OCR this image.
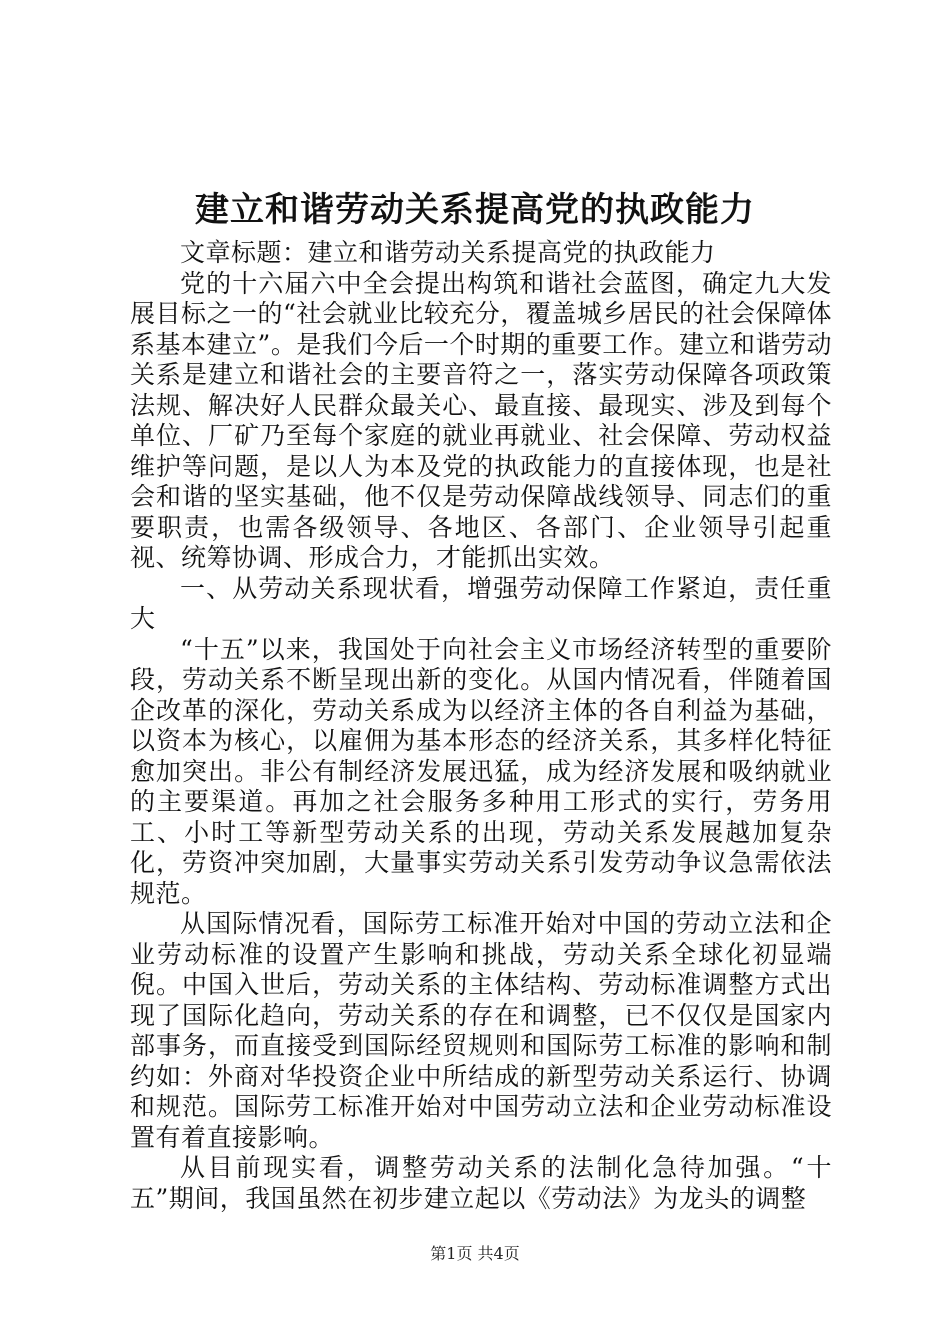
建立和谐劳动关系提高党的执政能力

文章标题：建立和谐劳动关系提高党的执政能力

党的十六届六中全会提出构筑和谐社会蓝图，确定九大发展目标之一的“社会就业比较充分，覆盖城乡居民的社会保障体系基本建立”。是我们今后一个时期的重要工作。建立和谐劳动关系是建立和谐社会的主要音符之一，落实劳动保障各项政策法规、解决好人民群众最关心、最直接、最现实、涉及到每个单位、厂矿乃至每个家庭的就业再就业、社会保障、劳动权益维护等问题，是以人为本及党的执政能力的直接体现，也是社会和谐的坚实基础，他不仅是劳动保障战线领导、同志们的重要职责，也需各级领导、各地区、各部门、企业领导引起重视、统筹协调、形成合力，才能抓出实效。

一、从劳动关系现状看，增强劳动保障工作紧迫，责任重大

“十五”以来，我国处于向社会主义市场经济转型的重要阶段，劳动关系不断呈现出新的变化。从国内情况看，伴随着国企改革的深化，劳动关系成为以经济主体的各自利益为基础，以资本为核心，以雇佣为基本形态的经济关系，其多样化特征愈加突出。非公有制经济发展迅猛，成为经济发展和吸纳就业的主要渠道。再加之社会服务多种用工形式的实行，劳务用工、小时工等新型劳动关系的出现，劳动关系发展越加复杂化，劳资冲突加剧，大量事实劳动关系引发劳动争议急需依法规范。

从国际情况看，国际劳工标准开始对中国的劳动立法和企业劳动标准的设置产生影响和挑战，劳动关系全球化初显端倪。中国入世后，劳动关系的主体结构、劳动标准调整方式出现了国际化趋向，劳动关系的存在和调整，已不仅仅是国家内部事务，而直接受到国际经贸规则和国际劳工标准的影响和制约如：外商对华投资企业中所结成的新型劳动关系运行、协调和规范。国际劳工标准开始对中国劳动立法和企业劳动标准设置有着直接影响。

从目前现实看，调整劳动关系的法制化急待加强。“十五”期间，我国虽然在初步建立起以《劳动法》为龙头的调整

第1页 共4页
